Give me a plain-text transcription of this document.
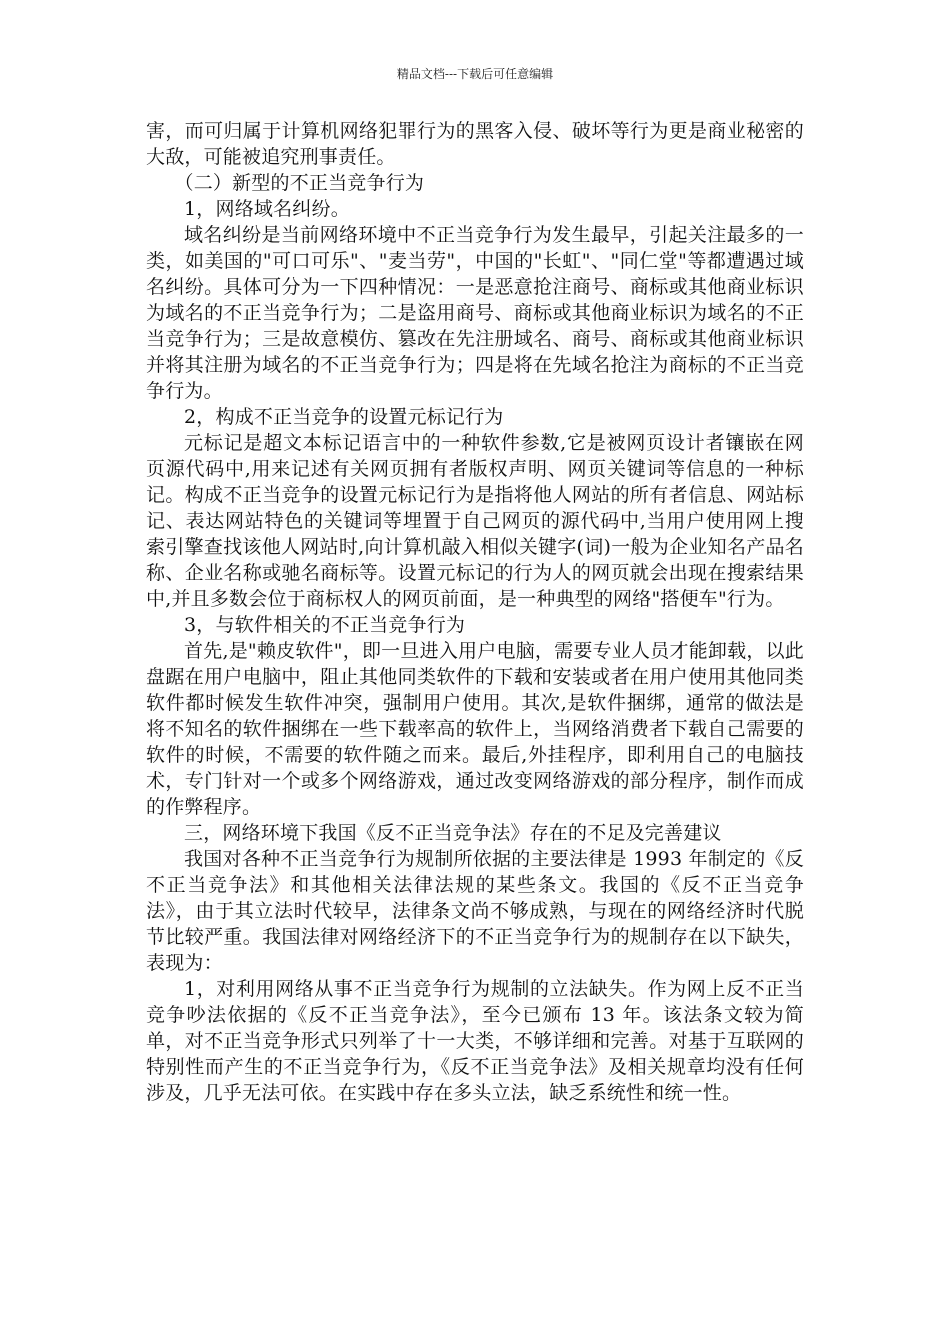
精品文档---下载后可任意编辑

害，而可归属于计算机网络犯罪行为的黑客入侵、破坏等行为更是商业秘密的大敌，可能被追究刑事责任。

（二）新型的不正当竞争行为

1，网络域名纠纷。

域名纠纷是当前网络环境中不正当竞争行为发生最早，引起关注最多的一类，如美国的"可口可乐"、"麦当劳"，中国的"长虹"、"同仁堂"等都遭遇过域名纠纷。具体可分为一下四种情况：一是恶意抢注商号、商标或其他商业标识为域名的不正当竞争行为；二是盗用商号、商标或其他商业标识为域名的不正当竞争行为；三是故意模仿、篡改在先注册域名、商号、商标或其他商业标识并将其注册为域名的不正当竞争行为；四是将在先域名抢注为商标的不正当竞争行为。

2，构成不正当竞争的设置元标记行为

元标记是超文本标记语言中的一种软件参数,它是被网页设计者镶嵌在网页源代码中,用来记述有关网页拥有者版权声明、网页关键词等信息的一种标记。构成不正当竞争的设置元标记行为是指将他人网站的所有者信息、网站标记、表达网站特色的关键词等埋置于自己网页的源代码中,当用户使用网上搜索引擎查找该他人网站时,向计算机敲入相似关键字(词)一般为企业知名产品名称、企业名称或驰名商标等。设置元标记的行为人的网页就会出现在搜索结果中,并且多数会位于商标权人的网页前面，是一种典型的网络"搭便车"行为。

3，与软件相关的不正当竞争行为

首先,是"赖皮软件"，即一旦进入用户电脑，需要专业人员才能卸载，以此盘踞在用户电脑中，阻止其他同类软件的下载和安装或者在用户使用其他同类软件都时候发生软件冲突，强制用户使用。其次,是软件捆绑，通常的做法是将不知名的软件捆绑在一些下载率高的软件上，当网络消费者下载自己需要的软件的时候，不需要的软件随之而来。最后,外挂程序，即利用自己的电脑技术，专门针对一个或多个网络游戏，通过改变网络游戏的部分程序，制作而成的作弊程序。

三，网络环境下我国《反不正当竞争法》存在的不足及完善建议

我国对各种不正当竞争行为规制所依据的主要法律是 1993 年制定的《反不正当竞争法》和其他相关法律法规的某些条文。我国的《反不正当竞争法》，由于其立法时代较早，法律条文尚不够成熟，与现在的网络经济时代脱节比较严重。我国法律对网络经济下的不正当竞争行为的规制存在以下缺失，表现为：

1，对利用网络从事不正当竞争行为规制的立法缺失。作为网上反不正当竞争吵法依据的《反不正当竞争法》，至今已颁布 13 年。该法条文较为简单，对不正当竞争形式只列举了十一大类，不够详细和完善。对基于互联网的特别性而产生的不正当竞争行为，《反不正当竞争法》及相关规章均没有任何涉及，几乎无法可依。在实践中存在多头立法，缺乏系统性和统一性。
